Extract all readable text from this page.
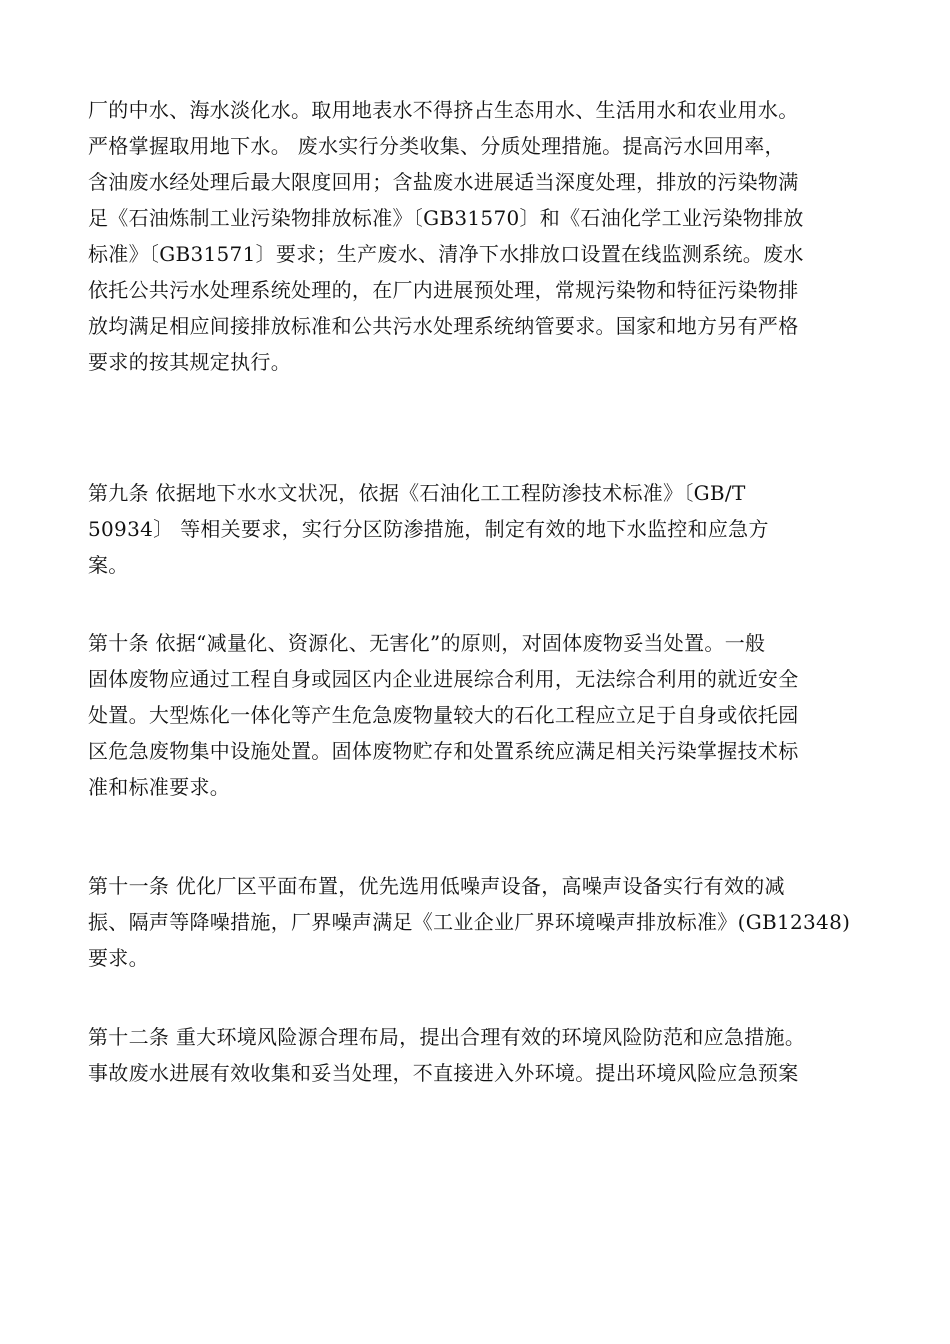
厂的中水、海水淡化水。取用地表水不得挤占生态用水、生活用水和农业用水。
严格掌握取用地下水。 废水实行分类收集、分质处理措施。提高污水回用率，
含油废水经处理后最大限度回用；含盐废水进展适当深度处理，排放的污染物满
足《石油炼制工业污染物排放标准》〔GB31570〕和《石油化学工业污染物排放
标准》〔GB31571〕要求；生产废水、清净下水排放口设置在线监测系统。废水
依托公共污水处理系统处理的，在厂内进展预处理，常规污染物和特征污染物排
放均满足相应间接排放标准和公共污水处理系统纳管要求。国家和地方另有严格
要求的按其规定执行。
第九条 依据地下水水文状况，依据《石油化工工程防渗技术标准》〔GB/T
50934〕 等相关要求，实行分区防渗措施，制定有效的地下水监控和应急方
案。
第十条 依据“减量化、资源化、无害化”的原则，对固体废物妥当处置。一般
固体废物应通过工程自身或园区内企业进展综合利用，无法综合利用的就近安全
处置。大型炼化一体化等产生危急废物量较大的石化工程应立足于自身或依托园
区危急废物集中设施处置。固体废物贮存和处置系统应满足相关污染掌握技术标
准和标准要求。
第十一条 优化厂区平面布置，优先选用低噪声设备，高噪声设备实行有效的减
振、隔声等降噪措施，厂界噪声满足《工业企业厂界环境噪声排放标准》(GB12348)
要求。
第十二条 重大环境风险源合理布局，提出合理有效的环境风险防范和应急措施。
事故废水进展有效收集和妥当处理，不直接进入外环境。提出环境风险应急预案
